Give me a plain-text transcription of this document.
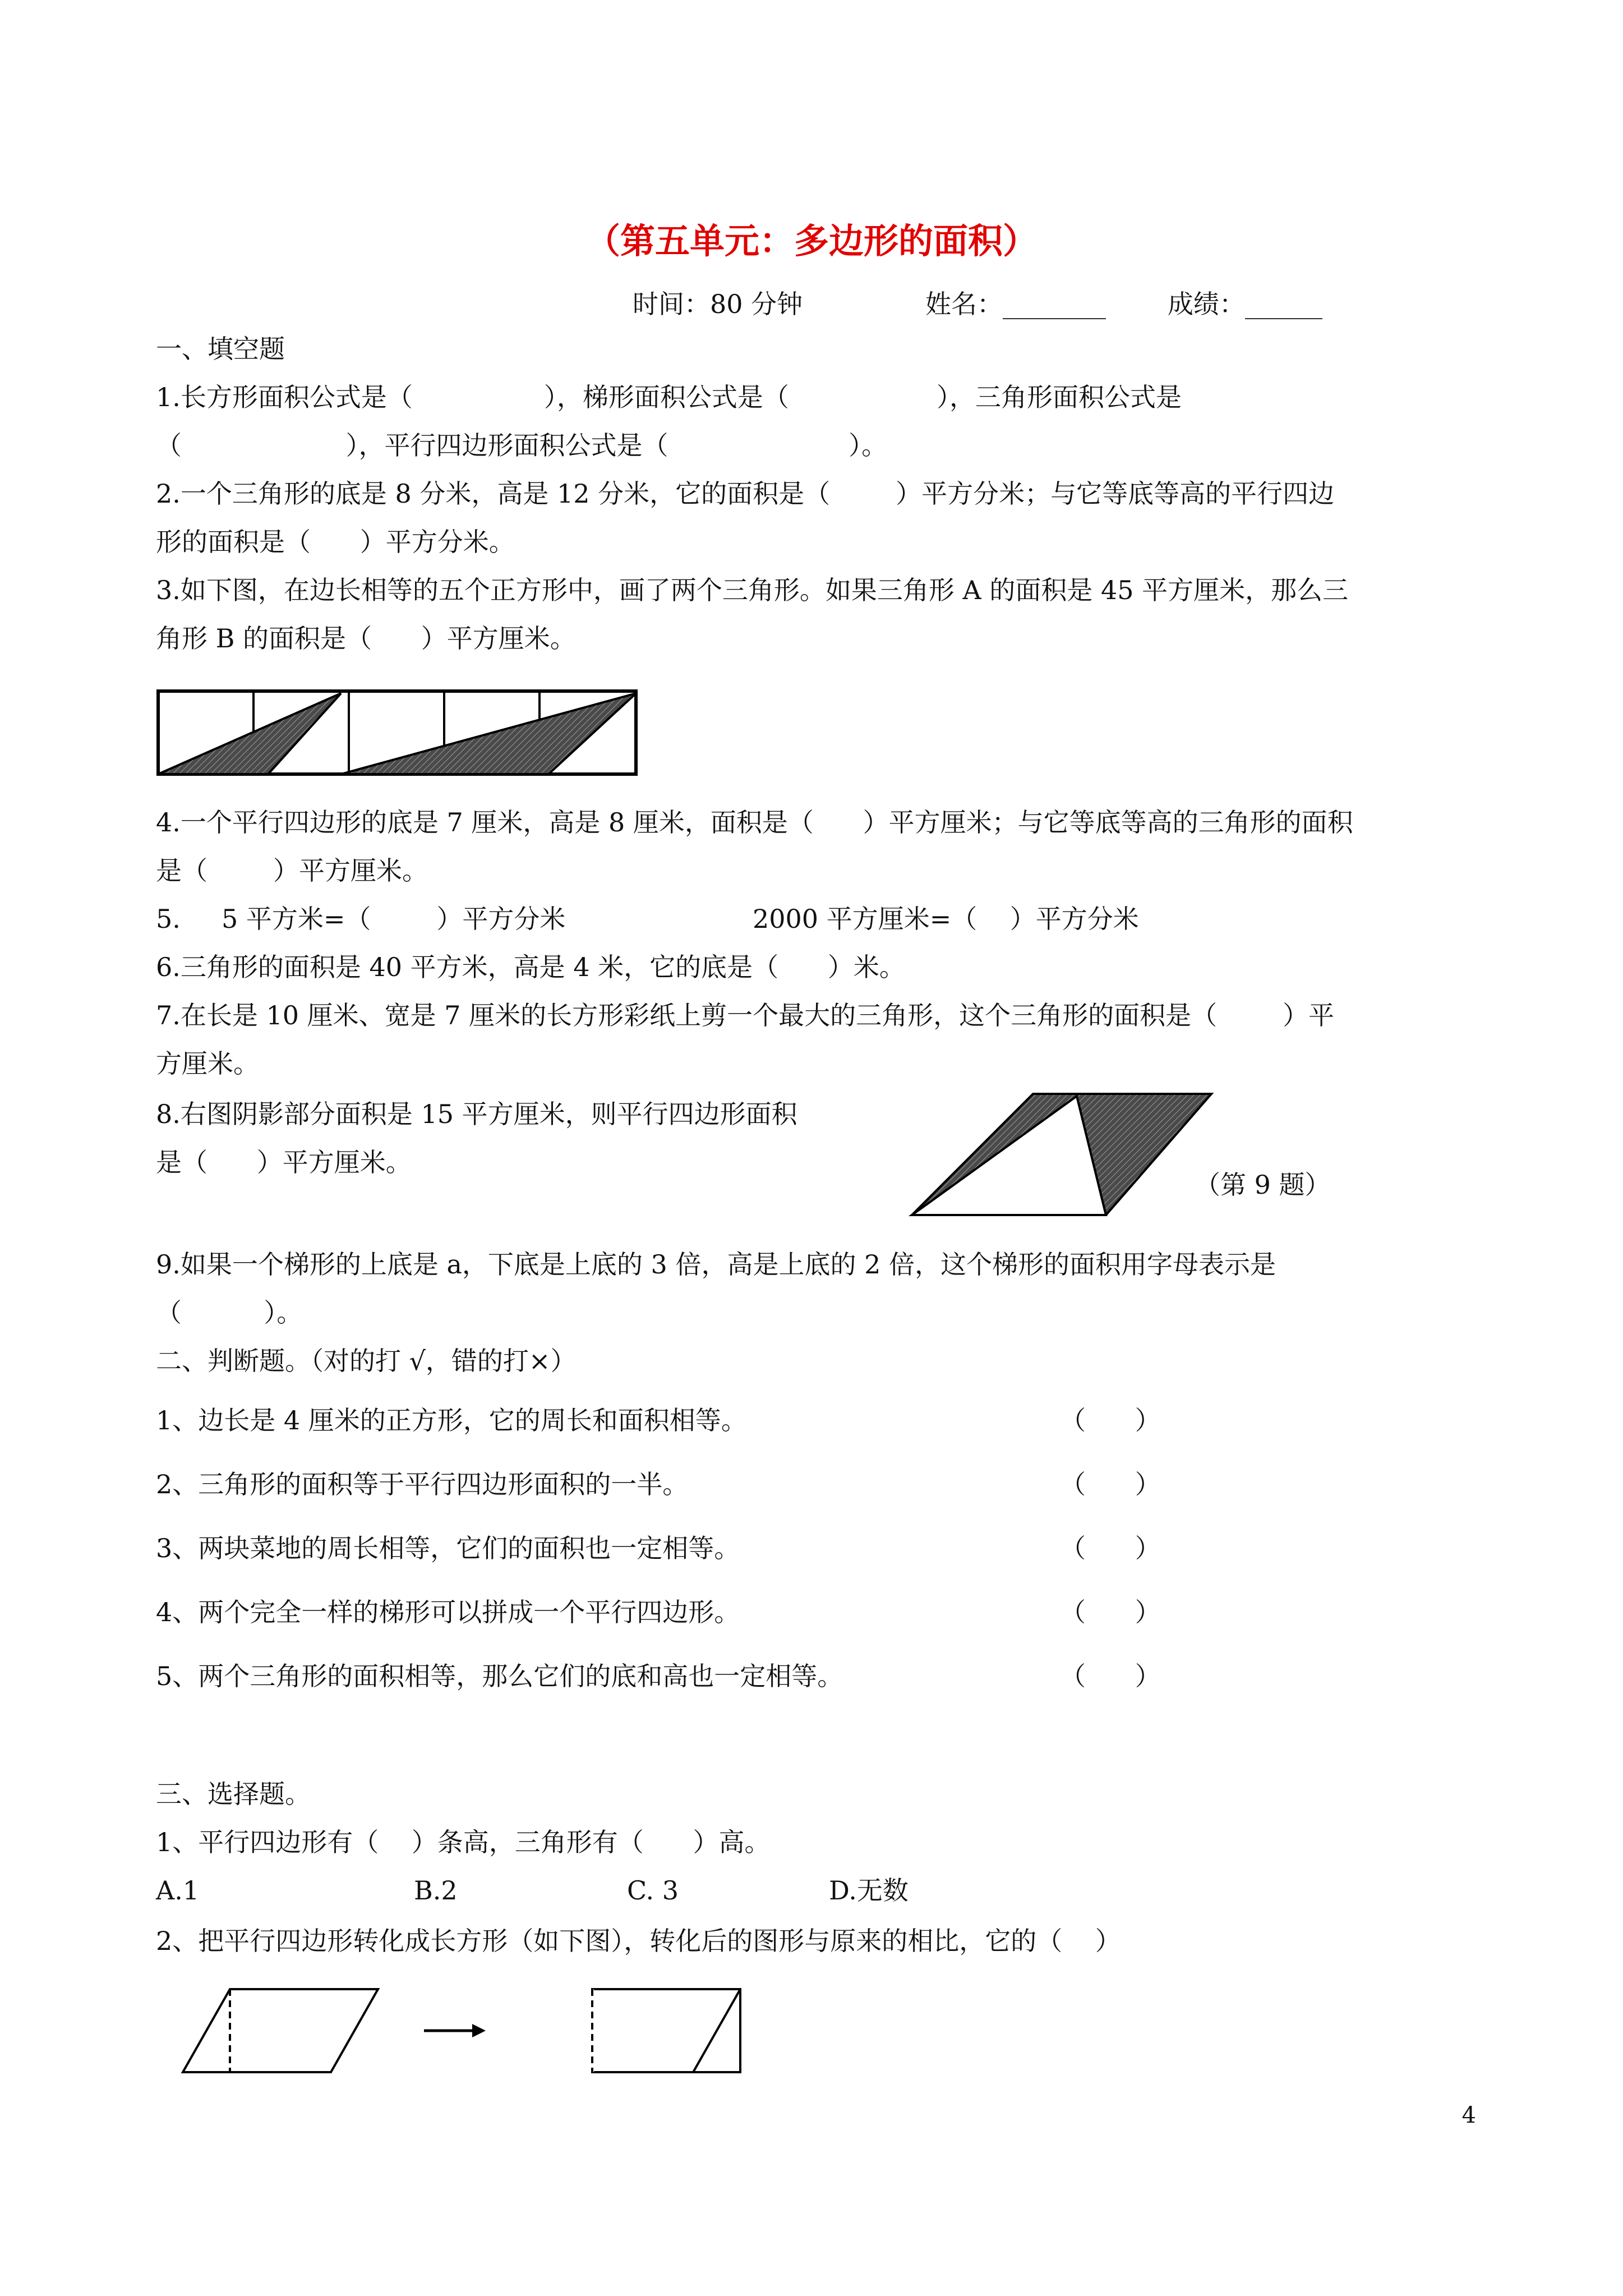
（第五单元：多边形的面积）
时间：80 分钟	姓名：________ 成绩：______
一、填空题
1.长方形面积公式是（                ），梯形面积公式是（                  ），三角形面积公式是
（                    ），平行四边形面积公式是（                      ）。
2.一个三角形的底是 8 分米，高是 12 分米，它的面积是（        ）平方分米；与它等底等高的平行四边
形的面积是（      ）平方分米。
3.如下图，在边长相等的五个正方形中，画了两个三角形。如果三角形 A 的面积是 45 平方厘米，那么三
角形 B 的面积是（      ）平方厘米。
4.一个平行四边形的底是 7 厘米，高是 8 厘米，面积是（      ）平方厘米；与它等底等高的三角形的面积
是（        ）平方厘米。
5.     5 平方米=（        ）平方分米	2000 平方厘米=（    ）平方分米
6.三角形的面积是 40 平方米，高是 4 米，它的底是（      ）米。
7.在长是 10 厘米、宽是 7 厘米的长方形彩纸上剪一个最大的三角形，这个三角形的面积是（        ）平
方厘米。
8.右图阴影部分面积是 15 平方厘米，则平行四边形面积
是（      ）平方厘米。
（第 9 题）
9.如果一个梯形的上底是 a，下底是上底的 3 倍，高是上底的 2 倍，这个梯形的面积用字母表示是
（          ）。
二、判断题。（对的打 √，错的打×）
1、边长是 4 厘米的正方形，它的周长和面积相等。	（      ）
2、三角形的面积等于平行四边形面积的一半。	（      ）
3、两块菜地的周长相等，它们的面积也一定相等。	（      ）
4、两个完全一样的梯形可以拼成一个平行四边形。	（      ）
5、两个三角形的面积相等，那么它们的底和高也一定相等。	（      ）
三、选择题。
1、平行四边形有（    ）条高，三角形有（      ）高。
A.1	B.2	C. 3	D.无数
2、把平行四边形转化成长方形（如下图），转化后的图形与原来的相比，它的（    ）
4
